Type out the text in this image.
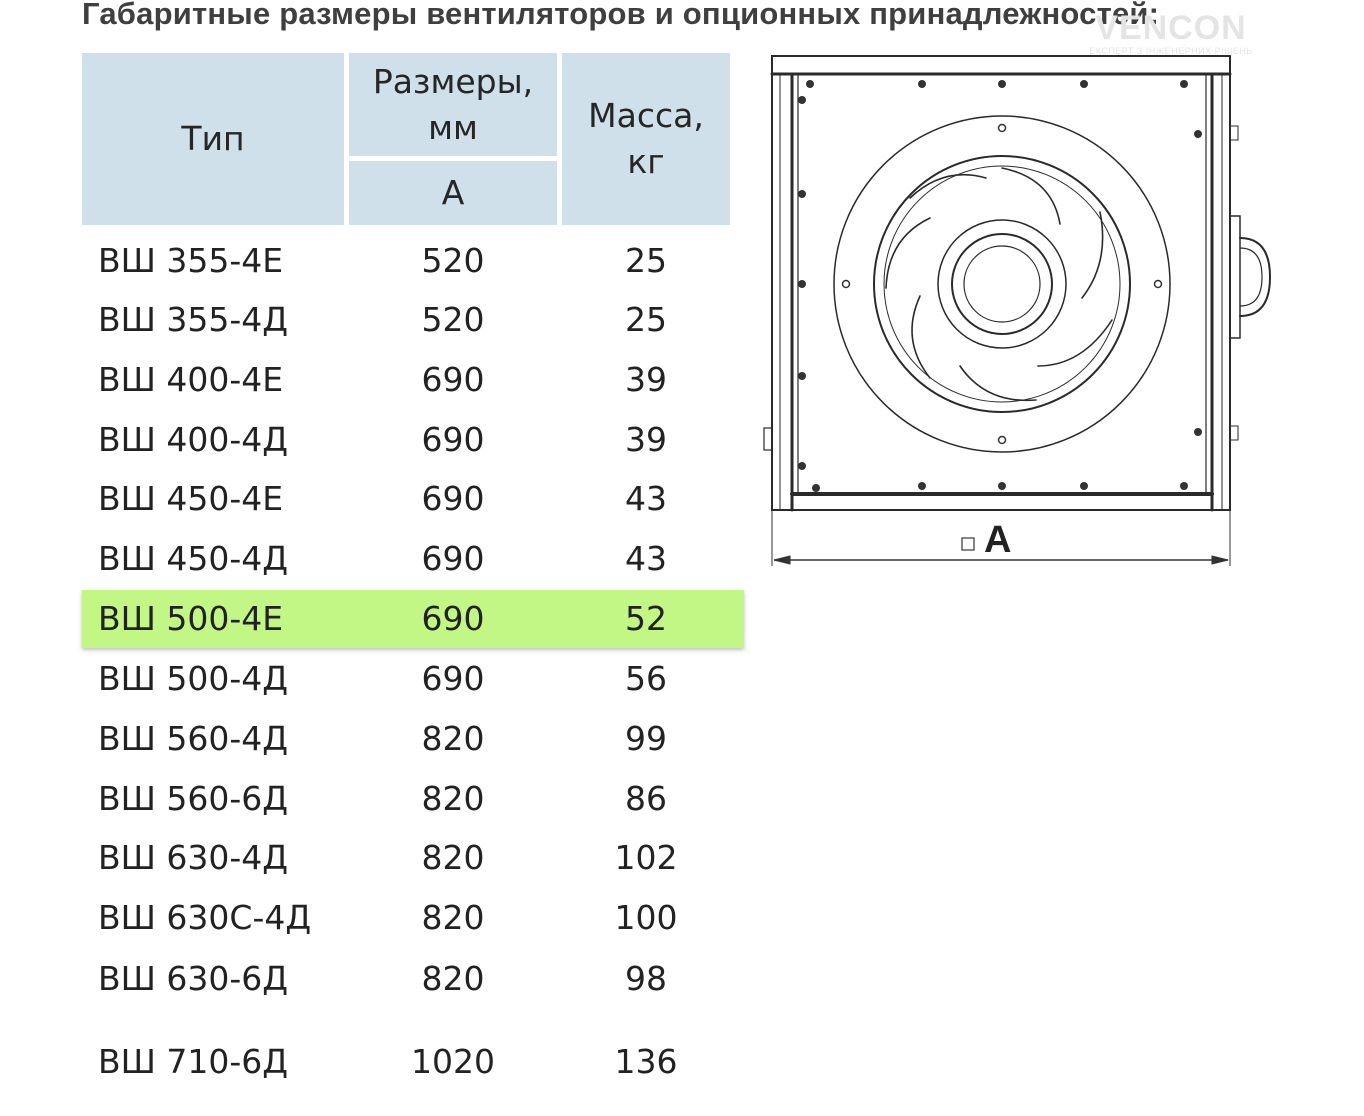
Габаритные размеры вентиляторов и опционных принадлежностей:
VENCON
ЕКСПЕРТ З ІНЖЕНЕРНИХ РІШЕНЬ
Тип
Размеры,
мм
А
Масса,
кг
ВШ 355-4Е	520	25
ВШ 355-4Д	520	25
ВШ 400-4Е	690	39
ВШ 400-4Д	690	39
ВШ 450-4Е	690	43
ВШ 450-4Д	690	43
ВШ 500-4Е	690	52
ВШ 500-4Д	690	56
ВШ 560-4Д	820	99
ВШ 560-6Д	820	86
ВШ 630-4Д	820	102
ВШ 630С-4Д	820	100
ВШ 630-6Д	820	98
ВШ 710-6Д	1020	136
A
